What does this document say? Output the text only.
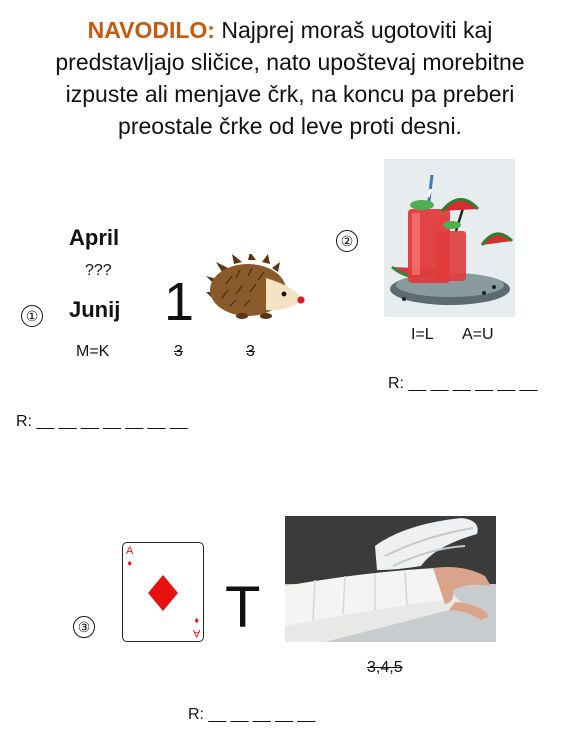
NAVODILO: Najprej moraš ugotoviti kaj predstavljajo sličice, nato upoštevaj morebitne izpuste ali menjave črk, na koncu pa preberi preostale črke od leve proti desni.
①
April
???
Junij 1
M=K	3	3
R: __ __ __ __ __ __ __
②
I=L A=U
R: __ __ __ __ __ __
③
A
♦
A
♦ T
3,4,5
R: __ __ __ __ __
